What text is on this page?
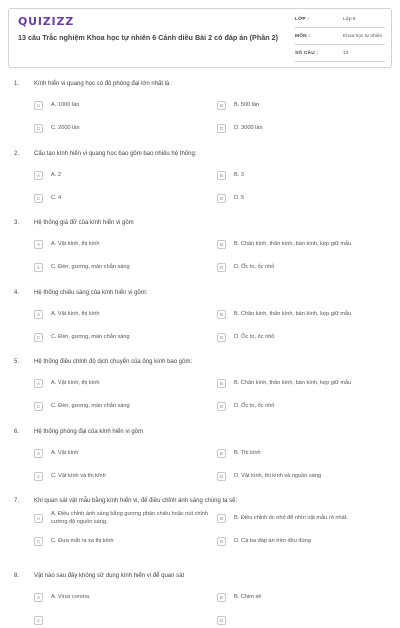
QUIZIZZ
13 câu Trắc nghiệm Khoa học tự nhiên 6 Cánh diều Bài 2 có đáp án (Phần 2)
LỚP :	Lớp 6
MÔN :	Khoa học tự nhiên
SỐ CÂU :	13
1. Kính hiển vi quang học có độ phóng đại lớn nhất là :
A	A. 1000 lần	B	B. 500 lần
C	C. 2000 lần	D	D. 3000 lần
2. Cấu tạo kính hiển vi quang học bao gồm bao nhiêu hệ thống:
A	A. 2	B	B. 3
C	C. 4	D	D. 5
3. Hệ thống giá đỡ của kính hiển vi gồm
A	A. Vật kính, thị kính	B	B. Chân kính, thân kính, bàn kính, kẹp giữ mẫu
C	C. Đèn, gương, màn chắn sáng	D	D. Ốc to, ốc nhỏ
4. Hệ thống chiếu sáng của kính hiển vi gồm:
A	A. Vật kính, thị kính	B	B. Chân kính, thân kính, bàn kính, kẹp giữ mẫu
C	C. Đèn, gương, màn chắn sáng	D	D. Ốc to, ốc nhỏ
5. Hệ thống điều chỉnh độ dịch chuyển của ống kính bao gồm:
A	A. Vật kính, thị kính	B	B. Chân kính, thân kính, bàn kính, kẹp giữ mẫu
C	C. Đèn, gương, màn chắn sáng	D	D. Ốc to, ốc nhỏ
6. Hệ thống phóng đại của kính hiển vi gồm
A	A. Vật kính	B	B. Thị kính
C	C. Vật kính và thị kính	D	D. Vật kính, thị kính và nguồn sáng
7. Khi quan sát vật mẫu bằng kính hiển vi, để điều chỉnh ánh sáng chúng ta sẽ:
A
A. Điều chỉnh ánh sáng bằng gương phản chiếu hoặc nút chỉnh cường độ nguồn sáng.	B	B. Điều chỉnh ốc nhỏ để nhìn vật mẫu rõ nhất.
C	C. Đưa mắt ra xa thị kính	D	D. Cả ba đáp án trên đều đúng
8. Vật nào sau đây không sử dụng kính hiển vi để quan sát
A	A. Virus corona	B	B. Chim sẻ
C	D
